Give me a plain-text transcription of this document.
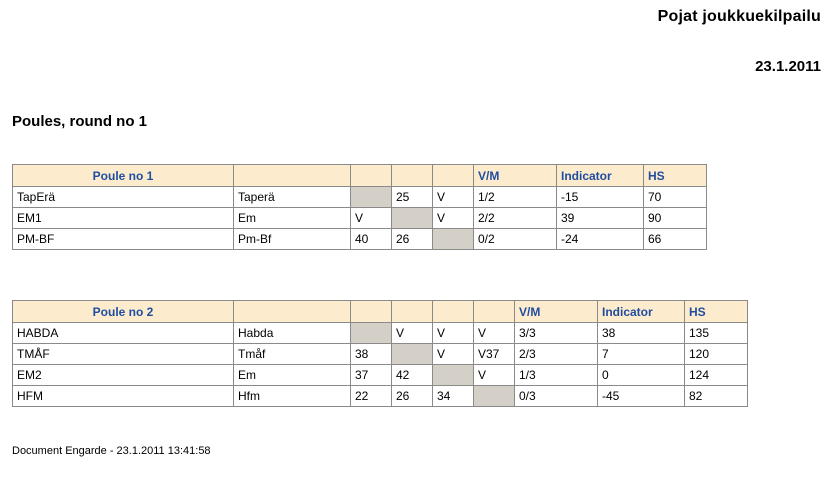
Pojat joukkuekilpailu
23.1.2011
Poules, round no 1
Poule no 1					V/M	Indicator	HS
TapErä	Taperä		25	V	1/2	-15	70
EM1	Em	V		V	2/2	39	90
PM-BF	Pm-Bf	40	26		0/2	-24	66
Poule no 2						V/M	Indicator	HS
HABDA	Habda		V	V	V	3/3	38	135
TMÅF	Tmåf	38		V	V37	2/3	7	120
EM2	Em	37	42		V	1/3	0	124
HFM	Hfm	22	26	34		0/3	-45	82
Document Engarde - 23.1.2011 13:41:58
